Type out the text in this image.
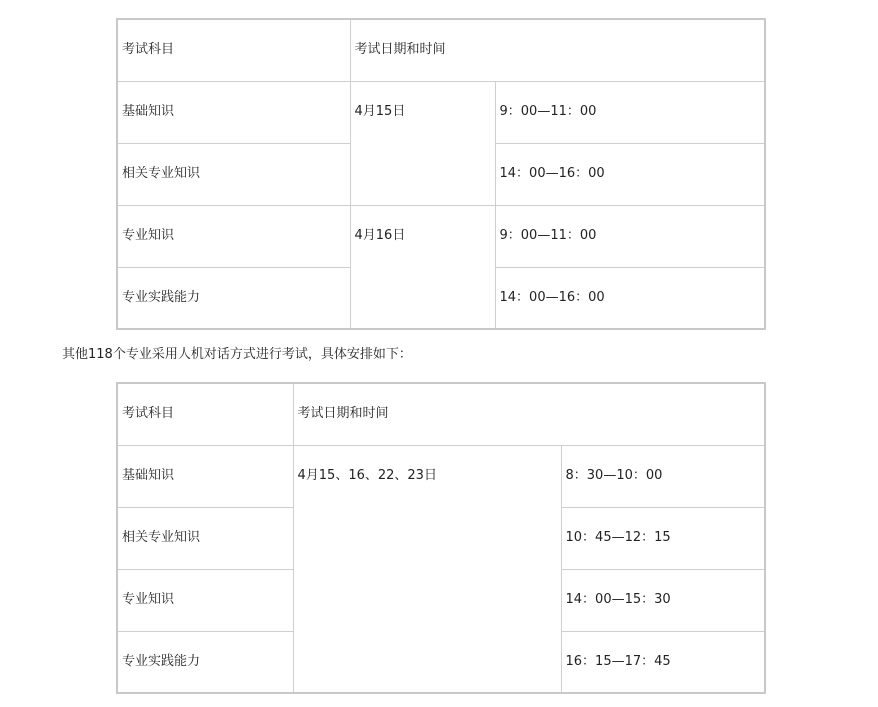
考试科目	考试日期和时间	
基础知识	4月15日	9：00—11：00
相关专业知识		14：00—16：00
专业知识	4月16日	9：00—11：00
专业实践能力		14：00—16：00
其他118个专业采用人机对话方式进行考试，具体安排如下：
考试科目	考试日期和时间	
基础知识	4月15、16、22、23日	8：30—10：00
相关专业知识		10：45—12：15
专业知识		14：00—15：30
专业实践能力		16：15—17：45
